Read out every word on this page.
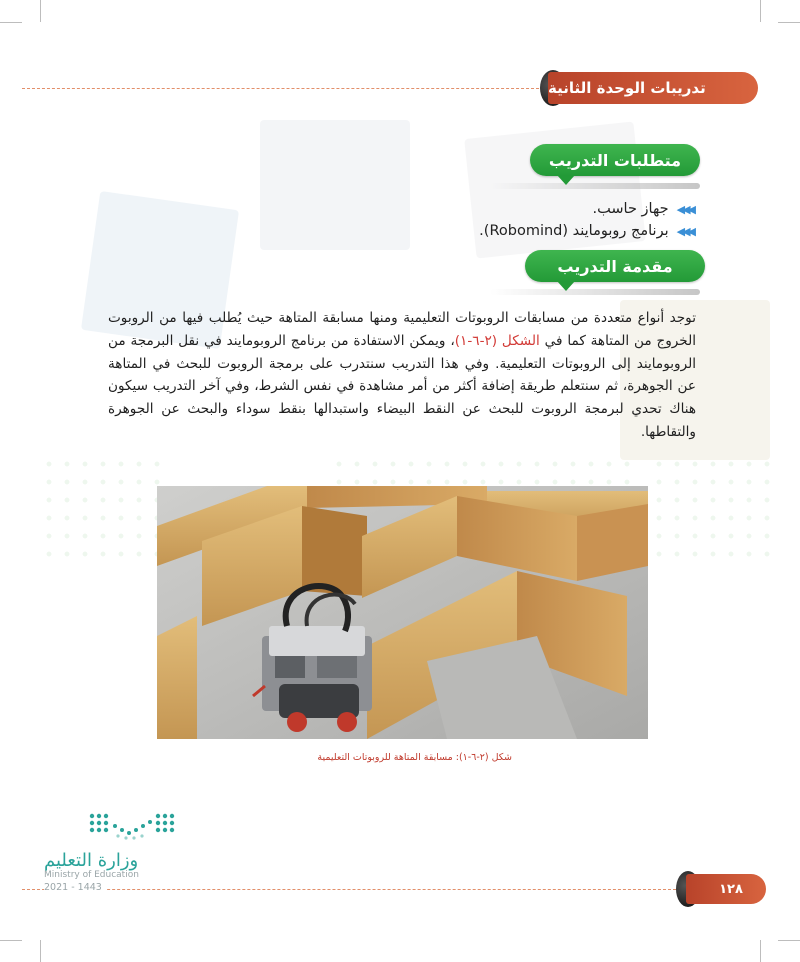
تدريبات الوحدة الثانية
متطلبات التدريب
◀◀◀
جهاز حاسب.
◀◀◀
برنامج روبومايند (Robomind).
مقدمة التدريب
توجد أنواع متعددة من مسابقات الروبوتات التعليمية ومنها مسابقة المتاهة حيث يُطلب فيها من الروبوت الخروج من المتاهة كما في الشكل (٢-٦-١)، ويمكن الاستفادة من برنامج الروبومايند في نقل البرمجة من الروبومايند إلى الروبوتات التعليمية. وفي هذا التدريب سنتدرب على برمجة الروبوت للبحث في المتاهة عن الجوهرة، ثم سنتعلم طريقة إضافة أكثر من أمر مشاهدة في نفس الشرط، وفي آخر التدريب سيكون هناك تحدي لبرمجة الروبوت للبحث عن النقط البيضاء واستبدالها بنقط سوداء والبحث عن الجوهرة والتقاطها.
شكل (٢-٦-١): مسابقة المتاهة للروبوتات التعليمية
وزارة التعليم
Ministry of Education
2021 - 1443	١٢٨
